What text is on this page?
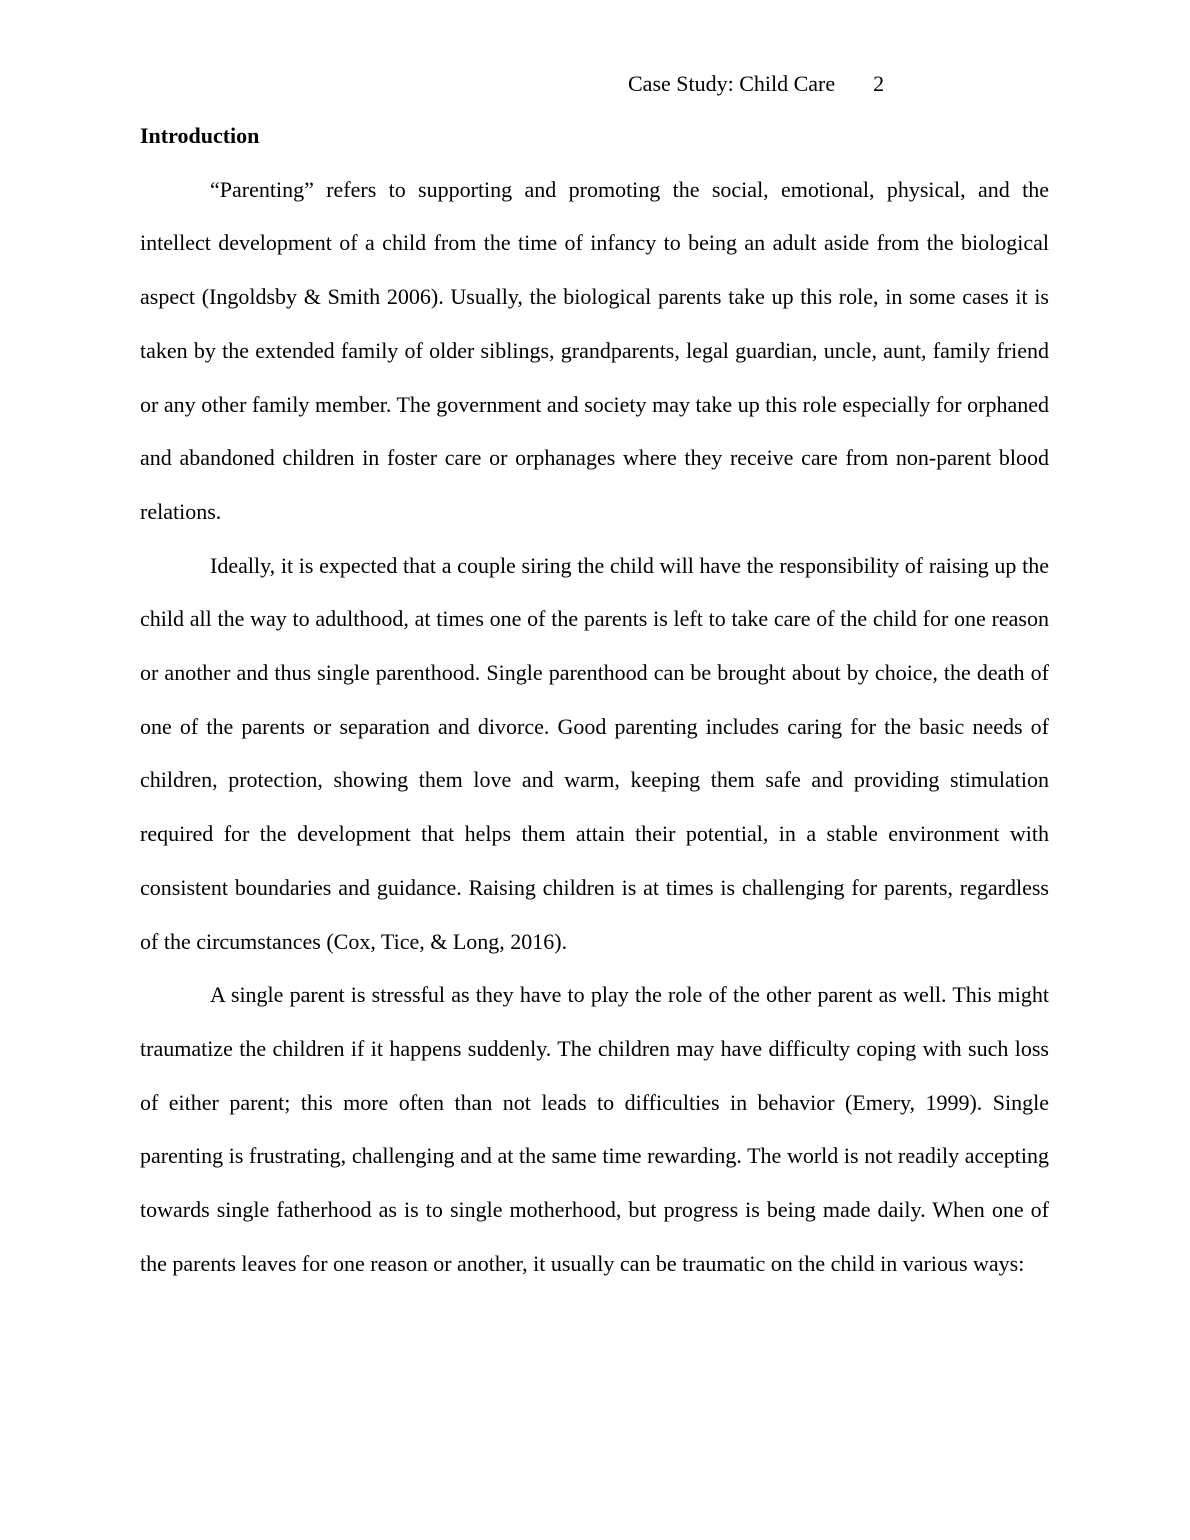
Case Study: Child Care 2

Introduction

“Parenting” refers to supporting and promoting the social, emotional, physical, and the intellect development of a child from the time of infancy to being an adult aside from the biological aspect (Ingoldsby & Smith 2006). Usually, the biological parents take up this role, in some cases it is taken by the extended family of older siblings, grandparents, legal guardian, uncle, aunt, family friend or any other family member. The government and society may take up this role especially for orphaned and abandoned children in foster care or orphanages where they receive care from non-parent blood relations.

Ideally, it is expected that a couple siring the child will have the responsibility of raising up the child all the way to adulthood, at times one of the parents is left to take care of the child for one reason or another and thus single parenthood. Single parenthood can be brought about by choice, the death of one of the parents or separation and divorce. Good parenting includes caring for the basic needs of children, protection, showing them love and warm, keeping them safe and providing stimulation required for the development that helps them attain their potential, in a stable environment with consistent boundaries and guidance. Raising children is at times is challenging for parents, regardless of the circumstances (Cox, Tice, & Long, 2016).

A single parent is stressful as they have to play the role of the other parent as well. This might traumatize the children if it happens suddenly. The children may have difficulty coping with such loss of either parent; this more often than not leads to difficulties in behavior (Emery, 1999). Single parenting is frustrating, challenging and at the same time rewarding. The world is not readily accepting towards single fatherhood as is to single motherhood, but progress is being made daily. When one of the parents leaves for one reason or another, it usually can be traumatic on the child in various ways:
